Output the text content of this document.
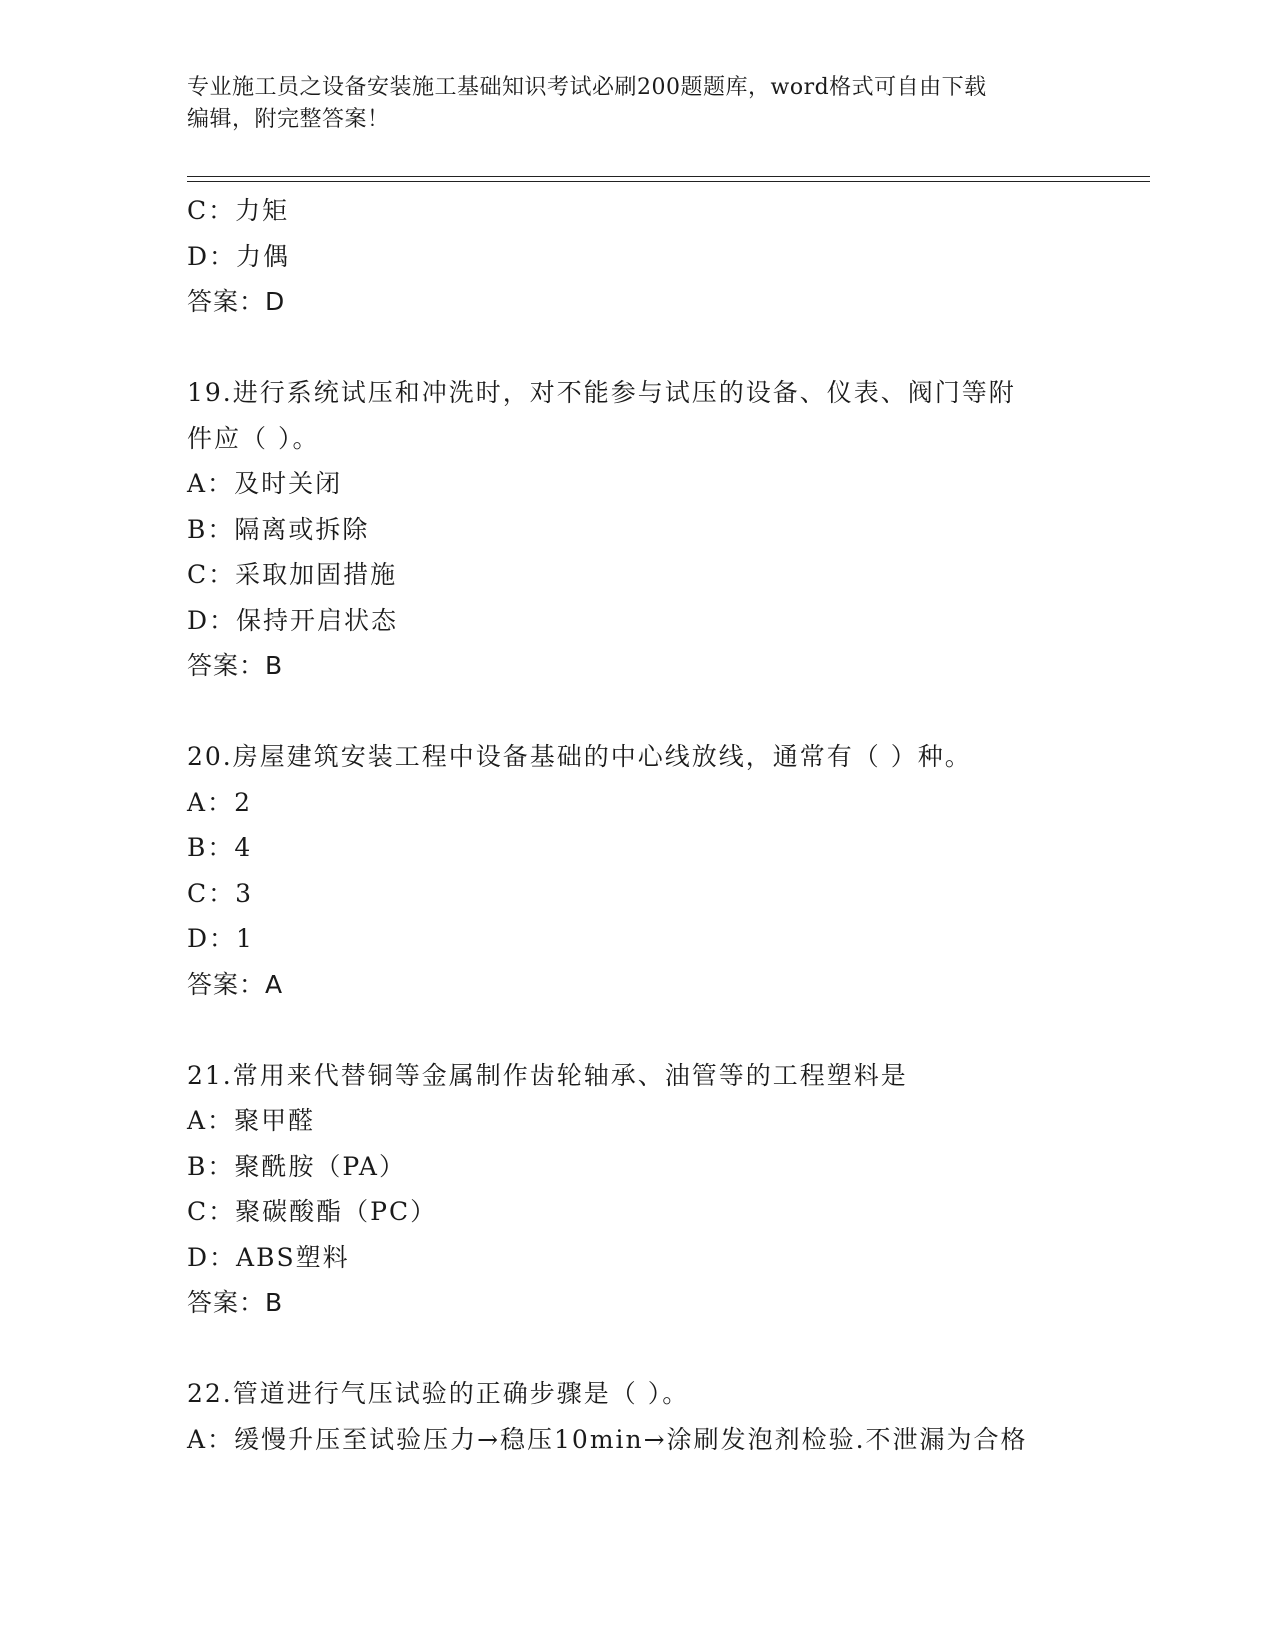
专业施工员之设备安装施工基础知识考试必刷200题题库，word格式可自由下载
编辑，附完整答案！
C：力矩
D：力偶
答案：D
19.进行系统试压和冲洗时，对不能参与试压的设备、仪表、阀门等附
件应（ ）。
A：及时关闭
B：隔离或拆除
C：采取加固措施
D：保持开启状态
答案：B
20.房屋建筑安装工程中设备基础的中心线放线，通常有（ ）种。
A：2
B：4
C：3
D：1
答案：A
21.常用来代替铜等金属制作齿轮轴承、油管等的工程塑料是
A：聚甲醛
B：聚酰胺（PA）
C：聚碳酸酯（PC）
D：ABS塑料
答案：B
22.管道进行气压试验的正确步骤是（ ）。
A：缓慢升压至试验压力→稳压10min→涂刷发泡剂检验.不泄漏为合格
